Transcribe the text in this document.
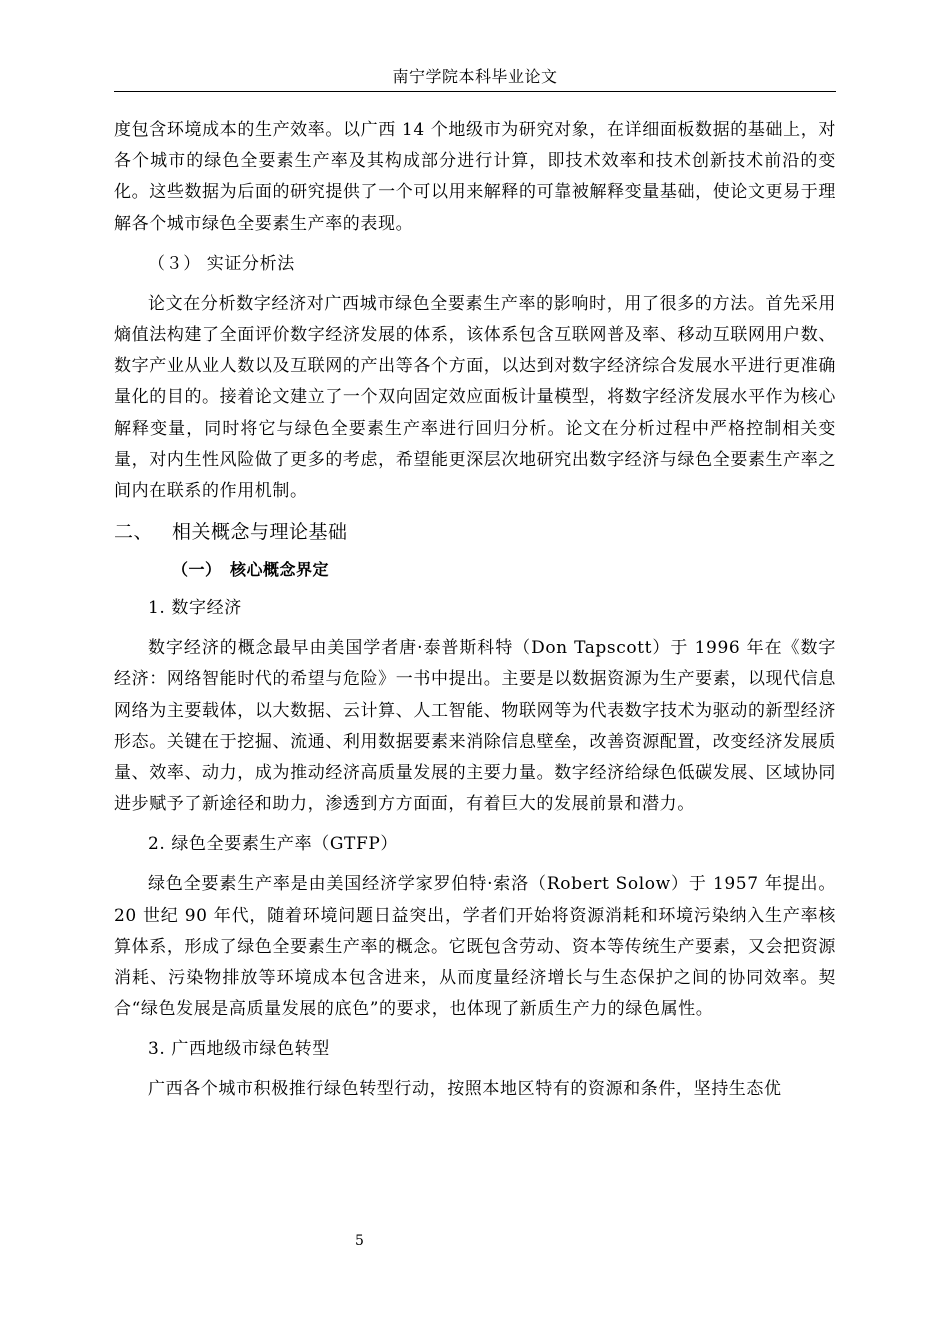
南宁学院本科毕业论文

度包含环境成本的生产效率。以广西 14 个地级市为研究对象，在详细面板数据的基础上，对各个城市的绿色全要素生产率及其构成部分进行计算，即技术效率和技术创新技术前沿的变化。这些数据为后面的研究提供了一个可以用来解释的可靠被解释变量基础，使论文更易于理解各个城市绿色全要素生产率的表现。

（３） 实证分析法

论文在分析数字经济对广西城市绿色全要素生产率的影响时，用了很多的方法。首先采用熵值法构建了全面评价数字经济发展的体系，该体系包含互联网普及率、移动互联网用户数、数字产业从业人数以及互联网的产出等各个方面，以达到对数字经济综合发展水平进行更准确量化的目的。接着论文建立了一个双向固定效应面板计量模型，将数字经济发展水平作为核心解释变量，同时将它与绿色全要素生产率进行回归分析。论文在分析过程中严格控制相关变量，对内生性风险做了更多的考虑，希望能更深层次地研究出数字经济与绿色全要素生产率之间内在联系的作用机制。

二、 相关概念与理论基础
（一） 核心概念界定
1. 数字经济

数字经济的概念最早由美国学者唐·泰普斯科特（Don Tapscott）于 1996 年在《数字经济：网络智能时代的希望与危险》一书中提出。主要是以数据资源为生产要素，以现代信息网络为主要载体，以大数据、云计算、人工智能、物联网等为代表数字技术为驱动的新型经济形态。关键在于挖掘、流通、利用数据要素来消除信息壁垒，改善资源配置，改变经济发展质量、效率、动力，成为推动经济高质量发展的主要力量。数字经济给绿色低碳发展、区域协同进步赋予了新途径和助力，渗透到方方面面，有着巨大的发展前景和潜力。

2. 绿色全要素生产率（GTFP）

绿色全要素生产率是由美国经济学家罗伯特·索洛（Robert Solow）于 1957 年提出。20 世纪 90 年代，随着环境问题日益突出，学者们开始将资源消耗和环境污染纳入生产率核算体系，形成了绿色全要素生产率的概念。它既包含劳动、资本等传统生产要素，又会把资源消耗、污染物排放等环境成本包含进来，从而度量经济增长与生态保护之间的协同效率。契合“绿色发展是高质量发展的底色”的要求，也体现了新质生产力的绿色属性。

3. 广西地级市绿色转型

广西各个城市积极推行绿色转型行动，按照本地区特有的资源和条件，坚持生态优

5
